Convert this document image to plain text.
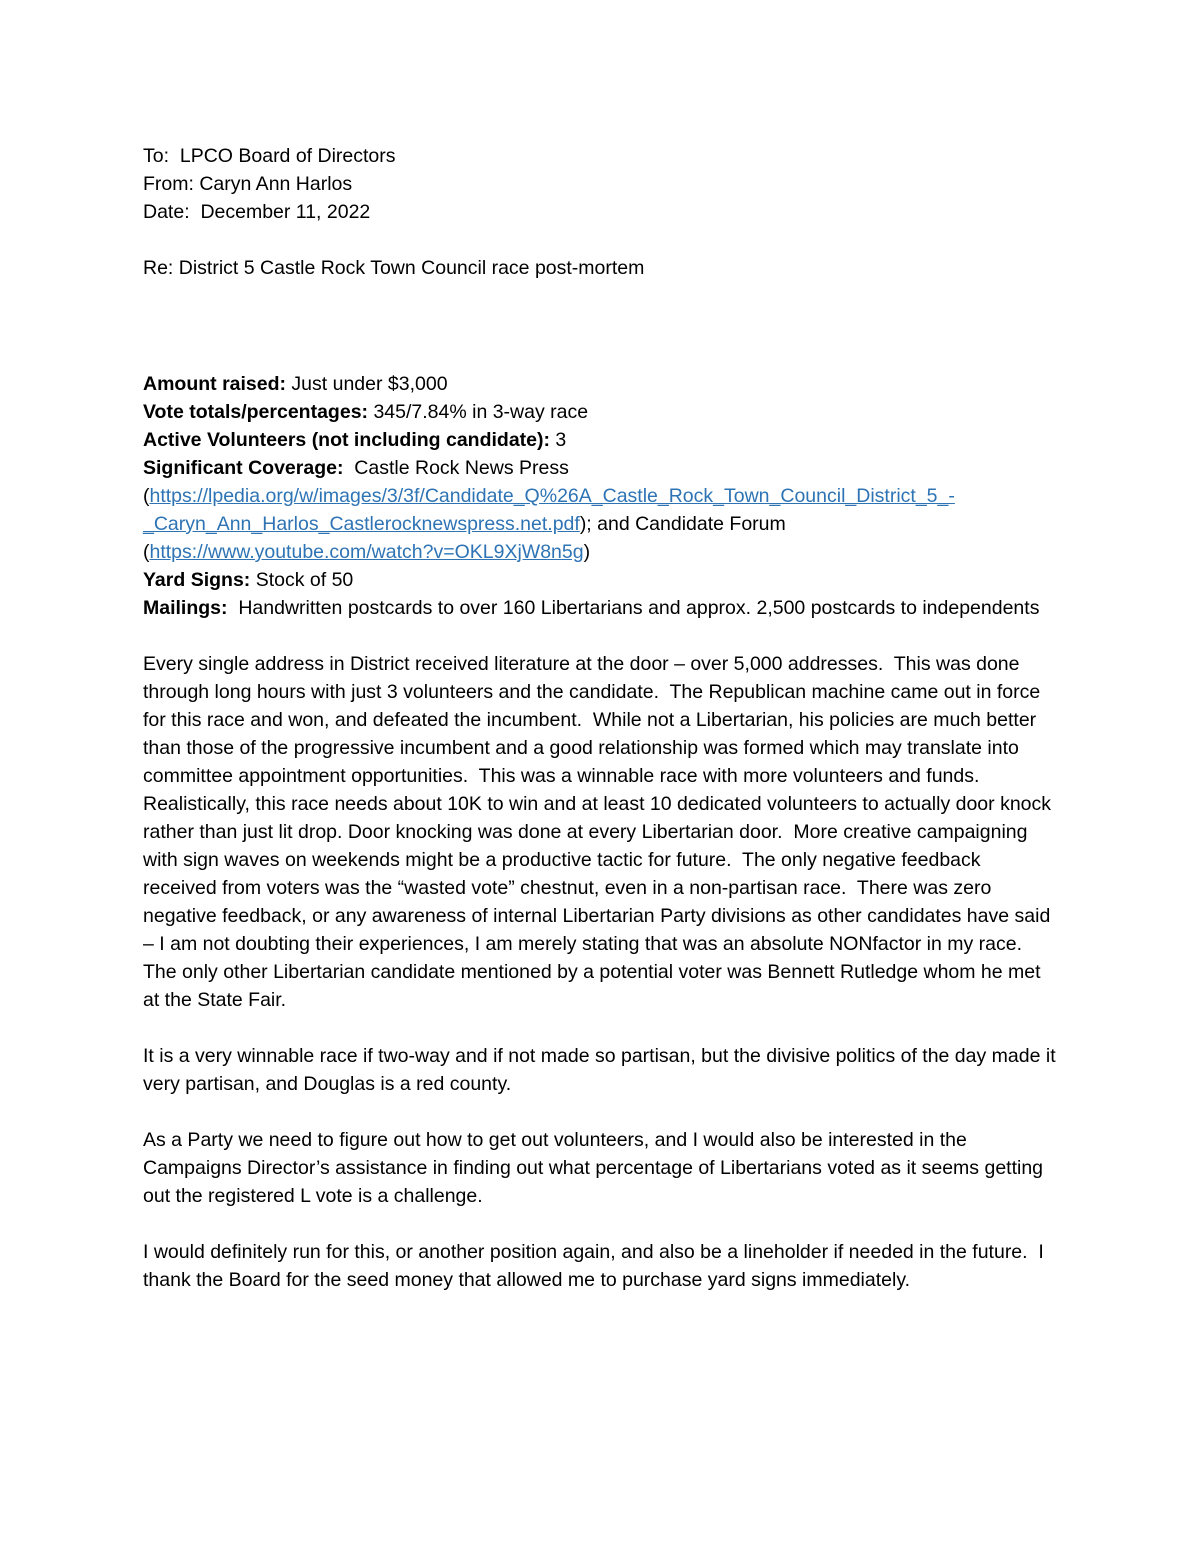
To:  LPCO Board of Directors
From: Caryn Ann Harlos
Date:  December 11, 2022
Re: District 5 Castle Rock Town Council race post-mortem
Amount raised: Just under $3,000
Vote totals/percentages: 345/7.84% in 3-way race
Active Volunteers (not including candidate): 3
Significant Coverage:  Castle Rock News Press (https://lpedia.org/w/images/3/3f/Candidate_Q%26A_Castle_Rock_Town_Council_District_5_-_Caryn_Ann_Harlos_Castlerocknewspress.net.pdf); and Candidate Forum (https://www.youtube.com/watch?v=OKL9XjW8n5g)
Yard Signs: Stock of 50
Mailings:  Handwritten postcards to over 160 Libertarians and approx. 2,500 postcards to independents

Every single address in District received literature at the door – over 5,000 addresses.  This was done through long hours with just 3 volunteers and the candidate.  The Republican machine came out in force for this race and won, and defeated the incumbent.  While not a Libertarian, his policies are much better than those of the progressive incumbent and a good relationship was formed which may translate into committee appointment opportunities.  This was a winnable race with more volunteers and funds.  Realistically, this race needs about 10K to win and at least 10 dedicated volunteers to actually door knock rather than just lit drop. Door knocking was done at every Libertarian door.  More creative campaigning with sign waves on weekends might be a productive tactic for future.  The only negative feedback received from voters was the “wasted vote” chestnut, even in a non-partisan race.  There was zero negative feedback, or any awareness of internal Libertarian Party divisions as other candidates have said – I am not doubting their experiences, I am merely stating that was an absolute NONfactor in my race.  The only other Libertarian candidate mentioned by a potential voter was Bennett Rutledge whom he met at the State Fair.

It is a very winnable race if two-way and if not made so partisan, but the divisive politics of the day made it very partisan, and Douglas is a red county.

As a Party we need to figure out how to get out volunteers, and I would also be interested in the Campaigns Director’s assistance in finding out what percentage of Libertarians voted as it seems getting out the registered L vote is a challenge.

I would definitely run for this, or another position again, and also be a lineholder if needed in the future.  I thank the Board for the seed money that allowed me to purchase yard signs immediately.
